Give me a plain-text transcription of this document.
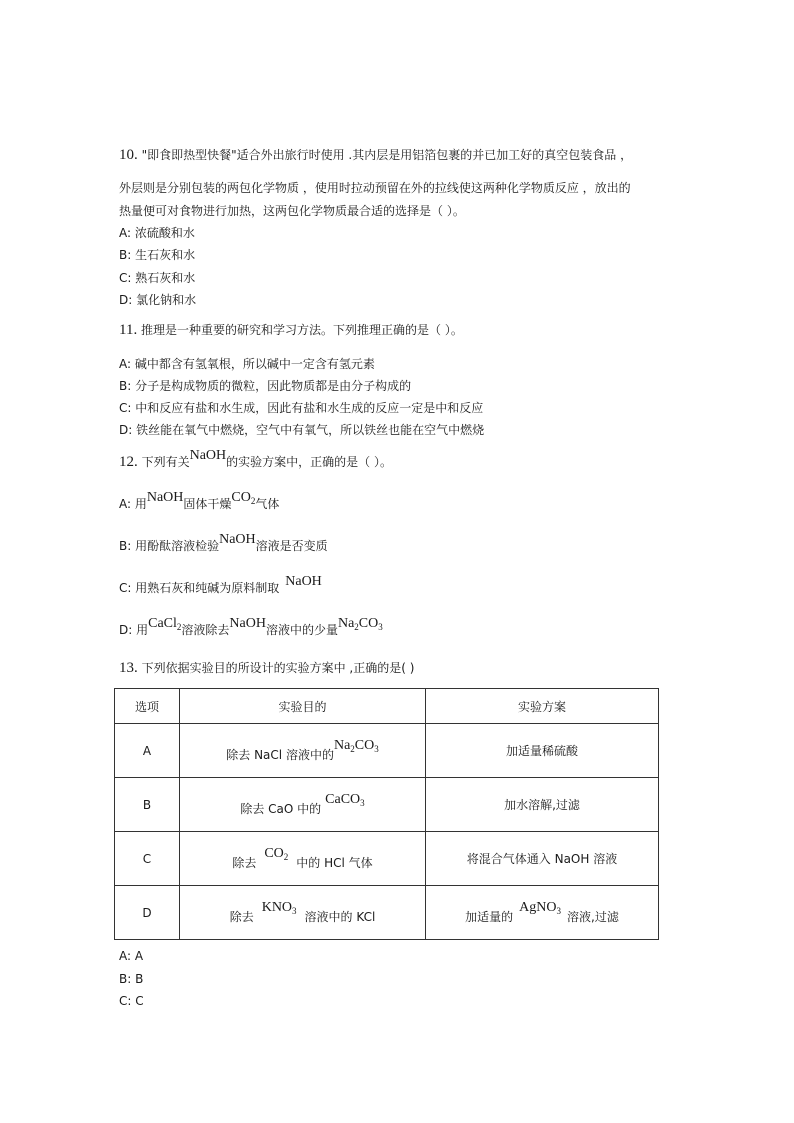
10. "即食即热型快餐"适合外出旅行时使用 .其内层是用铝箔包裹的并已加工好的真空包装食品 ，
外层则是分别包装的两包化学物质 ，使用时拉动预留在外的拉线使这两种化学物质反应 ，放出的
热量便可对食物进行加热，这两包化学物质最合适的选择是（ ）。
A: 浓硫酸和水
B: 生石灰和水
C: 熟石灰和水
D: 氯化钠和水
11. 推理是一种重要的研究和学习方法。下列推理正确的是（ ）。
A: 碱中都含有氢氧根，所以碱中一定含有氢元素
B: 分子是构成物质的微粒，因此物质都是由分子构成的
C: 中和反应有盐和水生成，因此有盐和水生成的反应一定是中和反应
D: 铁丝能在氧气中燃烧，空气中有氧气，所以铁丝也能在空气中燃烧
12. 下列有关NaOH的实验方案中，正确的是（ ）。
A: 用NaOH固体干燥$CO_2$气体
B: 用酚酞溶液检验NaOH溶液是否变质
C: 用熟石灰和纯碱为原料制取 NaOH
D: 用CaCl$_2$溶液除去NaOH溶液中的少量$Na_2CO_3$
13. 下列依据实验目的所设计的实验方案中 ,正确的是( )
选项	实验目的	实验方案
A	除去 NaCl 溶液中的$Na_2CO_3$	加适量稀硫酸
B	除去 CaO 中的CaCO$_3$	加水溶解,过滤
C	除去$CO_2$ 中的 HCl 气体	将混合气体通入 NaOH 溶液
D	除去$KNO_3$ 溶液中的 KCl	加适量的AgNO$_3$ 溶液,过滤
A: A
B: B
C: C
